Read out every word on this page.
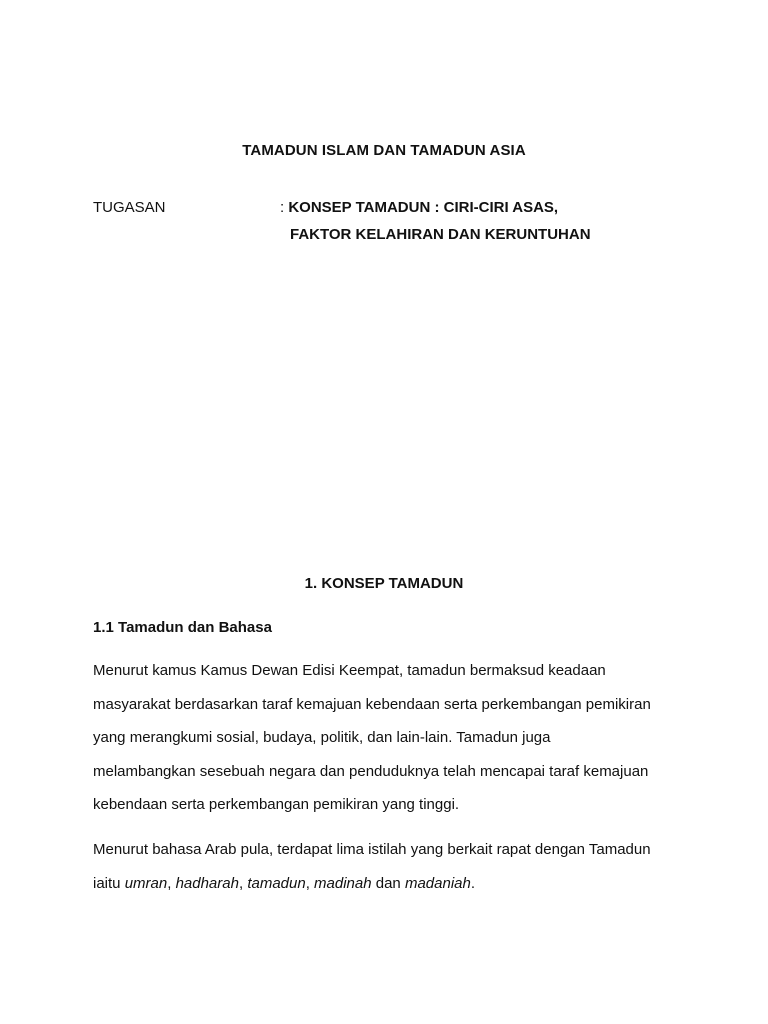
TAMADUN ISLAM DAN TAMADUN ASIA
TUGASAN	: KONSEP TAMADUN : CIRI-CIRI ASAS,
FAKTOR KELAHIRAN DAN KERUNTUHAN
1. KONSEP TAMADUN
1.1 Tamadun dan Bahasa
Menurut kamus Kamus Dewan Edisi Keempat, tamadun bermaksud keadaan
masyarakat berdasarkan taraf kemajuan kebendaan serta perkembangan pemikiran
yang merangkumi sosial, budaya, politik, dan lain-lain. Tamadun juga
melambangkan sesebuah negara dan penduduknya telah mencapai taraf kemajuan
kebendaan serta perkembangan pemikiran yang tinggi.
Menurut bahasa Arab pula, terdapat lima istilah yang berkait rapat dengan Tamadun
iaitu umran, hadharah, tamadun, madinah dan madaniah.
